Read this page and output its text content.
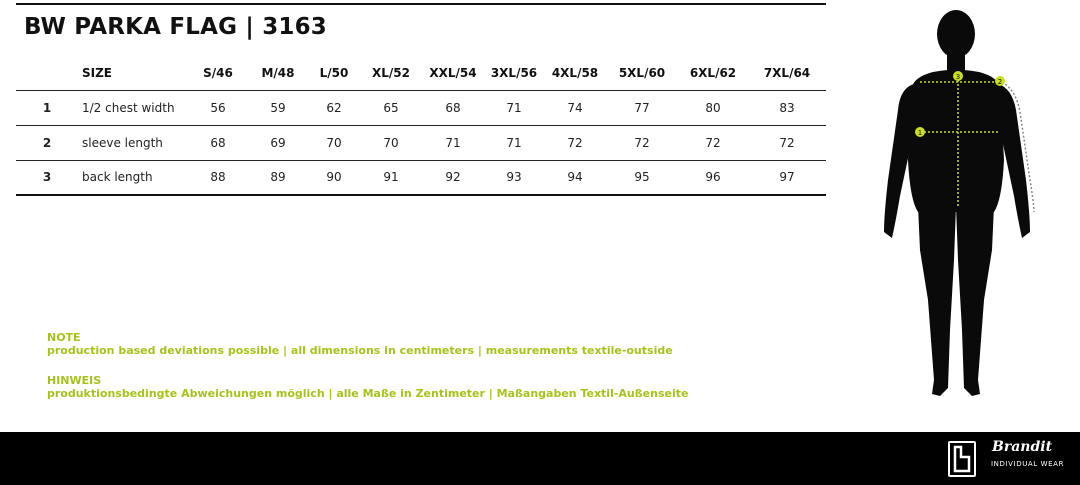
BW PARKA FLAG | 3163
	SIZE	S/46	M/48	L/50	XL/52	XXL/54	3XL/56	4XL/58	5XL/60	6XL/62	7XL/64
1	1/2 chest width	56	59	62	65	68	71	74	77	80	83
2	sleeve length	68	69	70	70	71	71	72	72	72	72
3	back length	88	89	90	91	92	93	94	95	96	97
NOTE
production based deviations possible | all dimensions in centimeters | measurements textile-outside
HINWEIS
produktionsbedingte Abweichungen möglich | alle Maße in Zentimeter | Maßangaben Textil-Außenseite
1
2
3
Brandit
INDIVIDUAL WEAR
